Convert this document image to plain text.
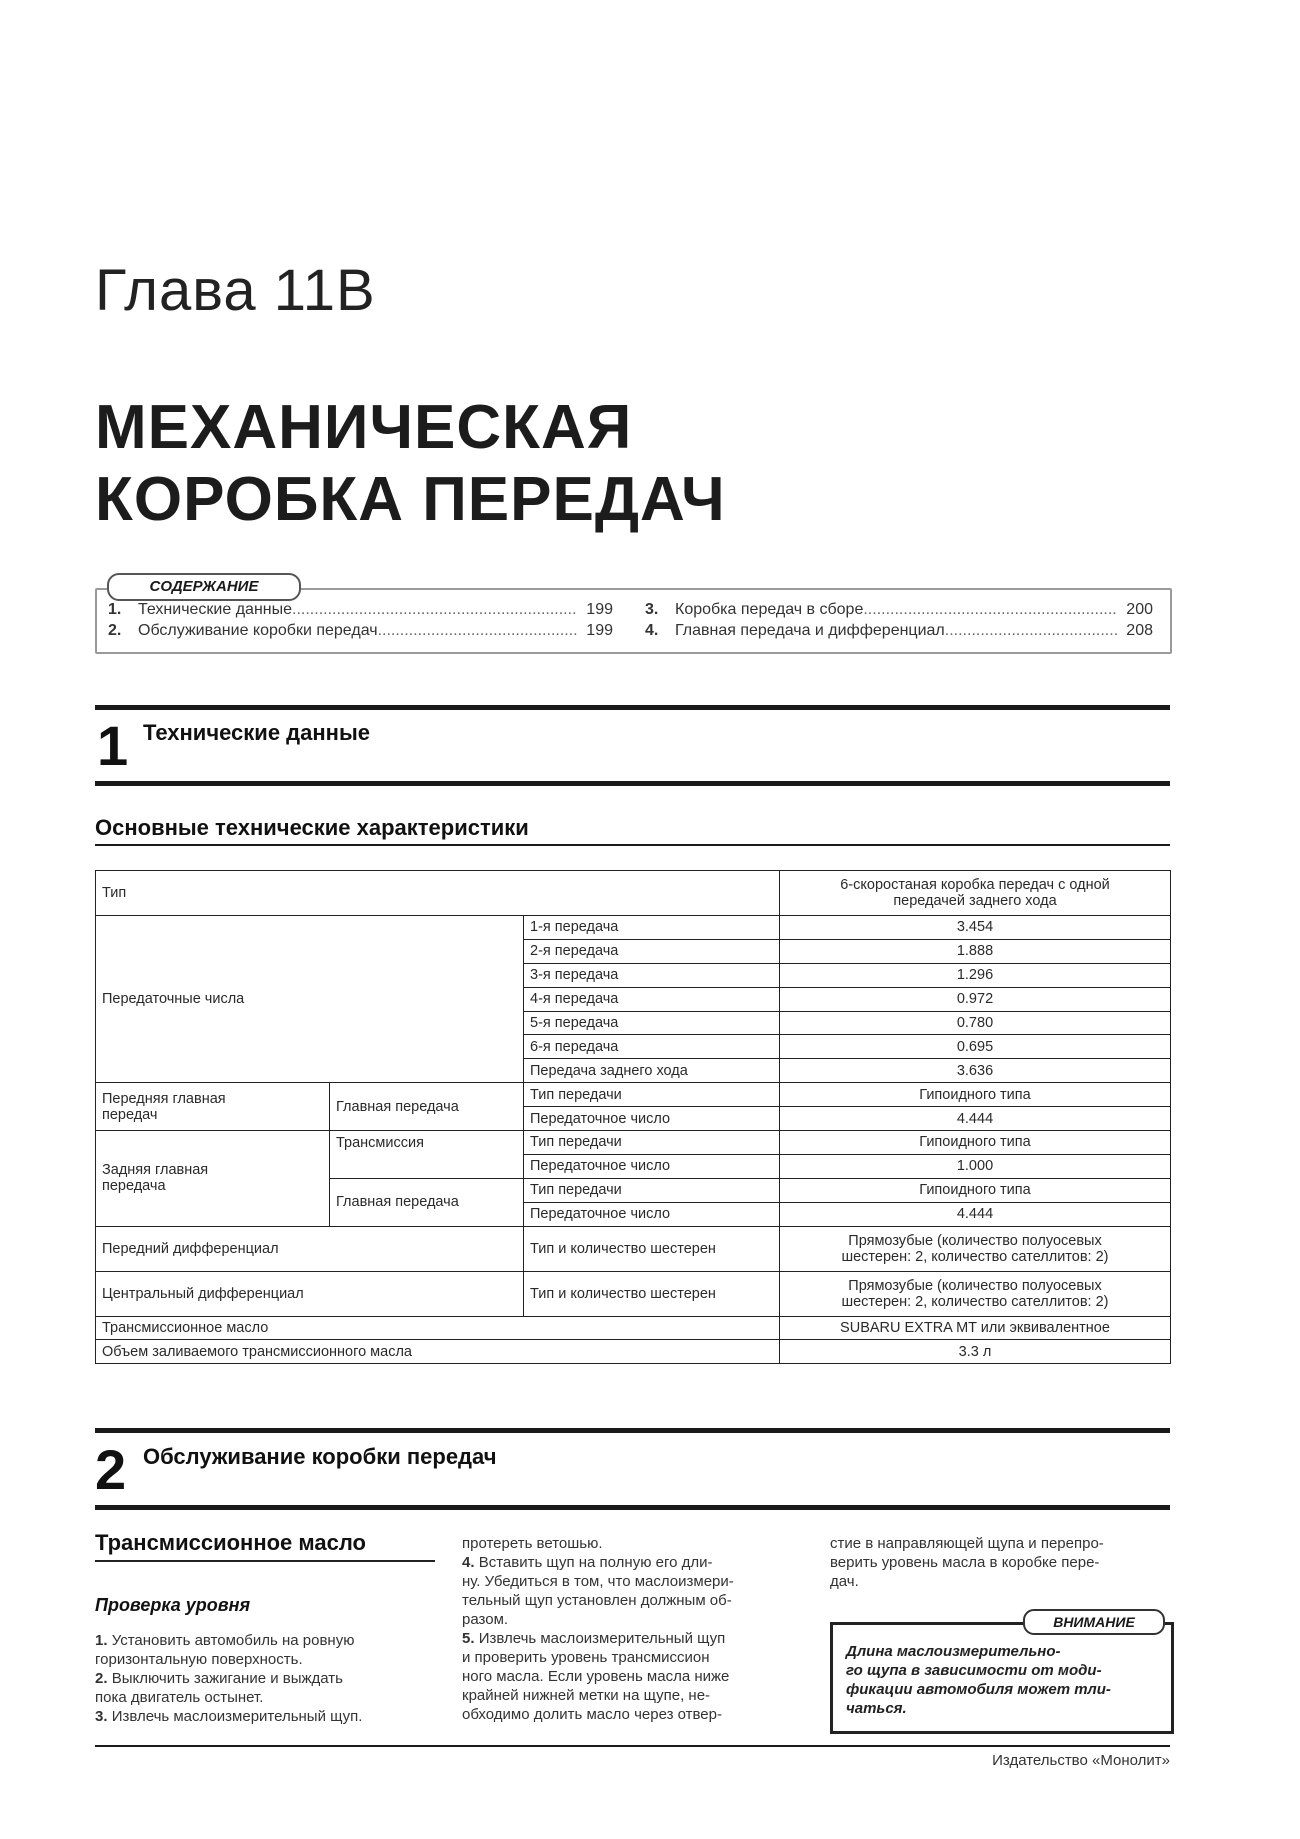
Глава 11B
МЕХАНИЧЕСКАЯ
КОРОБКА ПЕРЕДАЧ
СОДЕРЖАНИЕ
1.	Технические данные .....	199
2.	Обслуживание коробки передач .....	199
3.	Коробка передач в сборе .....	200
4.	Главная передача и дифференциал .....	208
1 Технические данные
Основные технические характеристики
Тип			6-скоростаная коробка передач с одной
передачей заднего хода

Передаточные числа		1-я передача	3.454
		2-я передача	1.888
		3-я передача	1.296
		4-я передача	0.972
		5-я передача	0.780
		6-я передача	0.695
		Передача заднего хода	3.636

Передняя главная
передач	Главная передача	Тип передачи	Гипоидного типа
		Передаточное число	4.444

Задняя главная
передача	Трансмиссия	Тип передачи	Гипоидного типа
		Передаточное число	1.000
	Главная передача	Тип передачи	Гипоидного типа
		Передаточное число	4.444
Передний дифференциал		Тип и количество шестерен	Прямозубые (количество полуосевых
шестерен: 2, количество сателлитов: 2)

Центральный дифференциал		Тип и количество шестерен	Прямозубые (количество полуосевых
шестерен: 2, количество сателлитов: 2)

Трансмиссионное масло			SUBARU EXTRA MT или эквивалентное
Объем заливаемого трансмиссионного масла			3.3 л
2 Обслуживание коробки передач
Трансмиссионное масло
Проверка уровня
1. Установить автомобиль на ровную
горизонтальную поверхность.
2. Выключить зажигание и выждать
пока двигатель остынет.
3. Извлечь маслоизмерительный щуп.
протереть ветошью.
4. Вставить щуп на полную его дли-
ну. Убедиться в том, что маслоизмери-
тельный щуп установлен должным об-
разом.
5. Извлечь маслоизмерительный щуп
и проверить уровень трансмиссион
ного масла. Если уровень масла ниже
крайней нижней метки на щупе, не-
обходимо долить масло через отвер-
стие в направляющей щупа и перепро-
верить уровень масла в коробке пере-
дач.
ВНИМАНИЕ
Длина маслоизмерительно-
го щупа в зависимости от моди-
фикации автомобиля может тли-
чаться.
Издательство «Монолит»
